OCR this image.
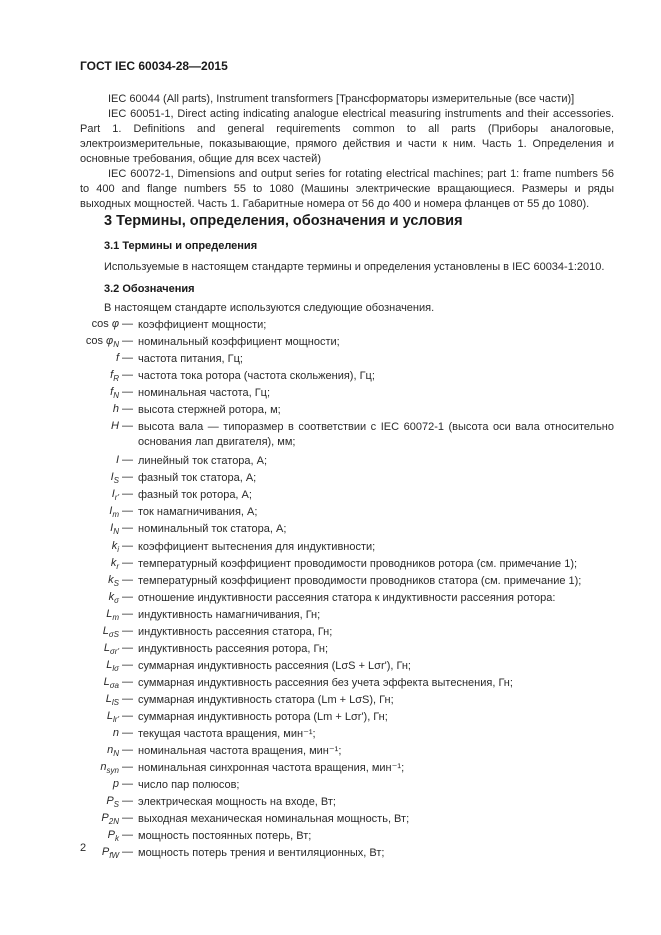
ГОСТ IEC 60034-28—2015

IEC 60044 (All parts), Instrument transformers [Трансформаторы измерительные (все части)]

IEC 60051-1, Direct acting indicating analogue electrical measuring instruments and their accessories. Part 1. Definitions and general requirements common to all parts (Приборы аналоговые, электроизмерительные, показывающие, прямого действия и части к ним. Часть 1. Определения и основные требования, общие для всех частей)

IEC 60072-1, Dimensions and output series for rotating electrical machines; part 1: frame numbers 56 to 400 and flange numbers 55 to 1080 (Машины электрические вращающиеся. Размеры и ряды выходных мощностей. Часть 1. Габаритные номера от 56 до 400 и номера фланцев от 55 до 1080).

3 Термины, определения, обозначения и условия
3.1 Термины и определения
Используемые в настоящем стандарте термины и определения установлены в IEC 60034-1:2010.
3.2 Обозначения
В настоящем стандарте используются следующие обозначения.
cos φ — коэффициент мощности;
$\cos \varphi_N$ — номинальный коэффициент мощности;
f — частота питания, Гц;
$f_R$ — частота тока ротора (частота скольжения), Гц;
$f_N$ — номинальная частота, Гц;
h — высота стержней ротора, м;
H — высота вала — типоразмер в соответствии с IEC 60072-1 (высота оси вала относительно основания лап двигателя), мм;
I — линейный ток статора, А;
$I_S$ — фазный ток статора, А;
$I_{r'}$ — фазный ток ротора, А;
$I_m$ — ток намагничивания, А;
$I_N$ — номинальный ток статора, А;
$k_i$ — коэффициент вытеснения для индуктивности;
$k_r$ — температурный коэффициент проводимости проводников ротора (см. примечание 1);
$k_S$ — температурный коэффициент проводимости проводников статора (см. примечание 1);
$k_\sigma$ — отношение индуктивности рассеяния статора к индуктивности рассеяния ротора:
$L_m$ — индуктивность намагничивания, Гн;
$L_{\sigma S}$ — индуктивность рассеяния статора, Гн;
$L_{\sigma r'}$ — индуктивность рассеяния ротора, Гн;
$L_{l\sigma}$ — суммарная индуктивность рассеяния (LσS + Lσr'), Гн;
$L_{\sigma a}$ — суммарная индуктивность рассеяния без учета эффекта вытеснения, Гн;
$L_{lS}$ — суммарная индуктивность статора (Lm + LσS), Гн;
$L_{lr'}$ — суммарная индуктивность ротора (Lm + Lσr'), Гн;
n — текущая частота вращения, мин⁻¹;
$n_N$ — номинальная частота вращения, мин⁻¹;
$n_{syn}$ — номинальная синхронная частота вращения, мин⁻¹;
p — число пар полюсов;
$P_S$ — электрическая мощность на входе, Вт;
$P_{2N}$ — выходная механическая номинальная мощность, Вт;
$P_k$ — мощность постоянных потерь, Вт;
$P_{fW}$ — мощность потерь трения и вентиляционных, Вт;
2
